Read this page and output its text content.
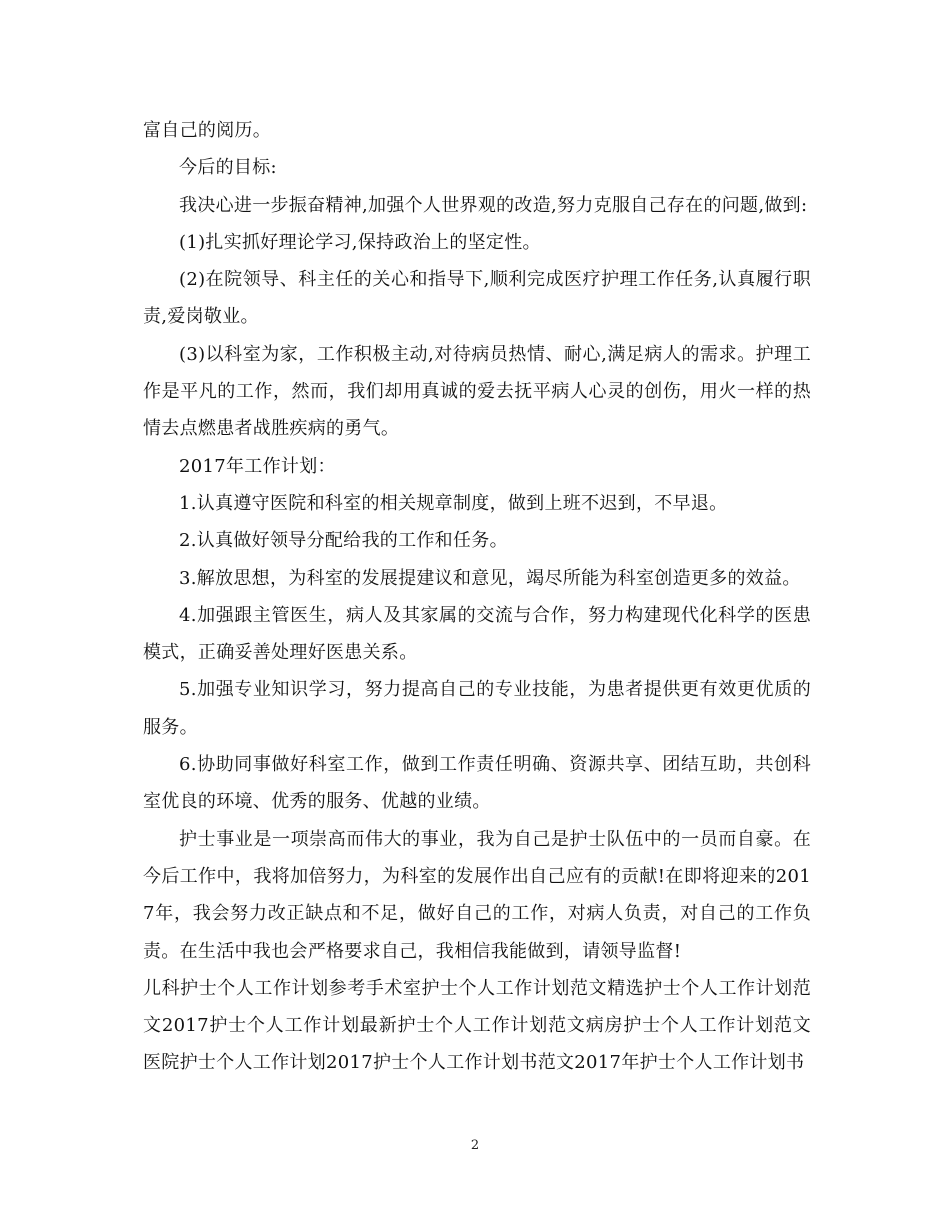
富自己的阅历。

今后的目标:

我决心进一步振奋精神,加强个人世界观的改造,努力克服自己存在的问题,做到:

(1)扎实抓好理论学习,保持政治上的坚定性。

(2)在院领导、科主任的关心和指导下,顺利完成医疗护理工作任务,认真履行职责,爱岗敬业。

(3)以科室为家，工作积极主动,对待病员热情、耐心,满足病人的需求。护理工作是平凡的工作，然而，我们却用真诚的爱去抚平病人心灵的创伤，用火一样的热情去点燃患者战胜疾病的勇气。

2017年工作计划：

1.认真遵守医院和科室的相关规章制度，做到上班不迟到，不早退。

2.认真做好领导分配给我的工作和任务。

3.解放思想，为科室的发展提建议和意见，竭尽所能为科室创造更多的效益。

4.加强跟主管医生，病人及其家属的交流与合作，努力构建现代化科学的医患模式，正确妥善处理好医患关系。

5.加强专业知识学习，努力提高自己的专业技能，为患者提供更有效更优质的服务。

6.协助同事做好科室工作，做到工作责任明确、资源共享、团结互助，共创科室优良的环境、优秀的服务、优越的业绩。

护士事业是一项崇高而伟大的事业，我为自己是护士队伍中的一员而自豪。在今后工作中，我将加倍努力，为科室的发展作出自己应有的贡献!在即将迎来的2017年，我会努力改正缺点和不足，做好自己的工作，对病人负责，对自己的工作负责。在生活中我也会严格要求自己，我相信我能做到，请领导监督!

儿科护士个人工作计划参考手术室护士个人工作计划范文精选护士个人工作计划范文2017护士个人工作计划最新护士个人工作计划范文病房护士个人工作计划范文医院护士个人工作计划2017护士个人工作计划书范文2017年护士个人工作计划书

2
